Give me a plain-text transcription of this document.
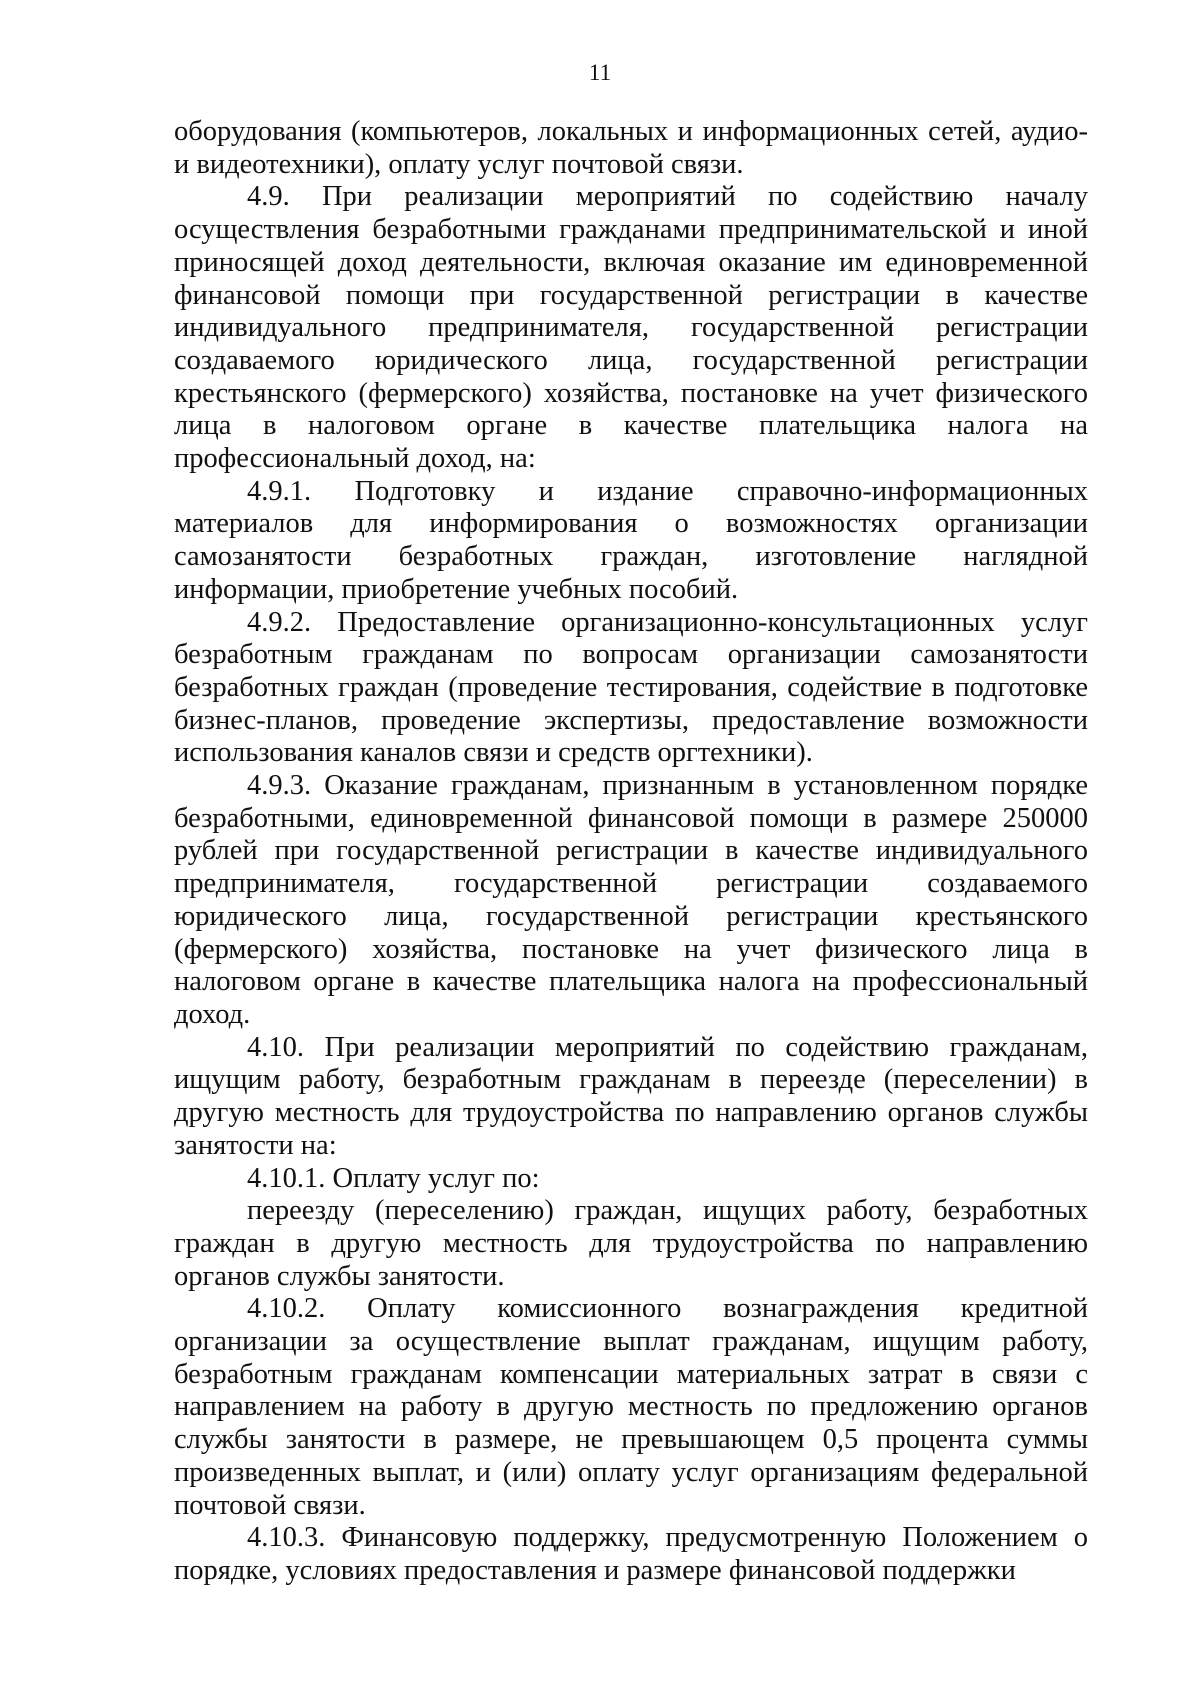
11

оборудования (компьютеров, локальных и информационных сетей, аудио- и видеотехники), оплату услуг почтовой связи.

4.9. При реализации мероприятий по содействию началу осуществления безработными гражданами предпринимательской и иной приносящей доход деятельности, включая оказание им единовременной финансовой помощи при государственной регистрации в качестве индивидуального предпринимателя, государственной регистрации создаваемого юридического лица, государственной регистрации крестьянского (фермерского) хозяйства, постановке на учет физического лица в налоговом органе в качестве плательщика налога на профессиональный доход, на:

4.9.1. Подготовку и издание справочно-информационных материалов для информирования о возможностях организации самозанятости безработных граждан, изготовление наглядной информации, приобретение учебных пособий.

4.9.2. Предоставление организационно-консультационных услуг безработным гражданам по вопросам организации самозанятости безработных граждан (проведение тестирования, содействие в подготовке бизнес-планов, проведение экспертизы, предоставление возможности использования каналов связи и средств оргтехники).

4.9.3. Оказание гражданам, признанным в установленном порядке безработными, единовременной финансовой помощи в размере 250000 рублей при государственной регистрации в качестве индивидуального предпринимателя, государственной регистрации создаваемого юридического лица, государственной регистрации крестьянского (фермерского) хозяйства, постановке на учет физического лица в налоговом органе в качестве плательщика налога на профессиональный доход.

4.10. При реализации мероприятий по содействию гражданам, ищущим работу, безработным гражданам в переезде (переселении) в другую местность для трудоустройства по направлению органов службы занятости на:

4.10.1. Оплату услуг по:

переезду (переселению) граждан, ищущих работу, безработных граждан в другую местность для трудоустройства по направлению органов службы занятости.

4.10.2. Оплату комиссионного вознаграждения кредитной организации за осуществление выплат гражданам, ищущим работу, безработным гражданам компенсации материальных затрат в связи с направлением на работу в другую местность по предложению органов службы занятости в размере, не превышающем 0,5 процента суммы произведенных выплат, и (или) оплату услуг организациям федеральной почтовой связи.

4.10.3. Финансовую поддержку, предусмотренную Положением о порядке, условиях предоставления и размере финансовой поддержки
